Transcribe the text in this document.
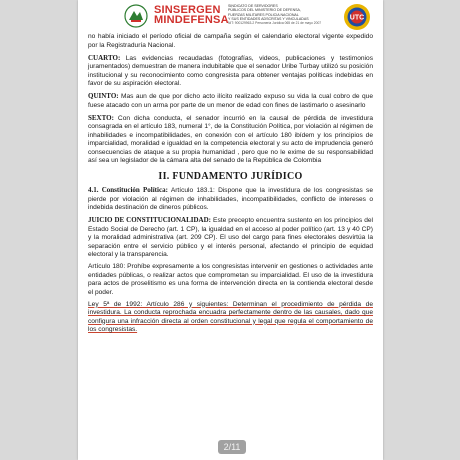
SINSERGEN
MINDEFENSA
SINDICATO DE SERVIDORES
PÚBLICOS DEL MINISTERIO DE DEFENSA,
FUERZAS MILITARES POLICIA NACIONAL
Y SUS ENTIDADES ADSCRITAS Y VINCULADAS
NIT: 900129963-2 Personería Jurídica 065 de 21 de mayo 2007
UTC

no había iniciado el período oficial de campaña según el calendario electoral vigente expedido por la Registraduría Nacional.

CUARTO: Las evidencias recaudadas (fotografías, videos, publicaciones y testimonios juramentados) demuestran de manera indubitable que el senador Uribe Turbay utilizó su posición institucional y su reconocimiento como congresista para obtener ventajas políticas indebidas en favor de su aspiración electoral.

QUINTO: Mas aun de que por dicho acto ilícito realizado expuso su vida la cual cobro de que fuese atacado con un arma por parte de un menor de edad con fines de lastimarlo o asesinarlo

SEXTO: Con dicha conducta, el senador incurrió en la causal de pérdida de investidura consagrada en el artículo 183, numeral 1°, de la Constitución Política, por violación al régimen de inhabilidades e incompatibilidades, en conexión con el artículo 180 ibídem y los principios de imparcialidad, moralidad e igualdad en la competencia electoral y su acto de imprudencia generó consecuencias de ataque a su propia humanidad , pero que no le exime de su responsabilidad así sea un legislador de la cámara alta del senado de la República de Colombia

II. FUNDAMENTO JURÍDICO

4.1. Constitución Política: Artículo 183.1: Dispone que la investidura de los congresistas se pierde por violación al régimen de inhabilidades, incompatibilidades, conflicto de intereses o indebida destinación de dineros públicos.

JUICIO DE CONSTITUCIONALIDAD: Este precepto encuentra sustento en los principios del Estado Social de Derecho (art. 1 CP), la igualdad en el acceso al poder político (art. 13 y 40 CP) y la moralidad administrativa (art. 209 CP). El uso del cargo para fines electorales desvirtúa la separación entre el servicio público y el interés personal, afectando el principio de equidad electoral y la transparencia.

Artículo 180: Prohíbe expresamente a los congresistas intervenir en gestiones o actividades ante entidades públicas, o realizar actos que comprometan su imparcialidad. El uso de la investidura para actos de proselitismo es una forma de intervención directa en la contienda electoral desde el poder.

Ley 5ª de 1992: Artículo 286 y siguientes: Determinan el procedimiento de pérdida de investidura. La conducta reprochada encuadra perfectamente dentro de las causales, dado que configura una infracción directa al orden constitucional y legal que regula el comportamiento de los congresistas.

2/11
